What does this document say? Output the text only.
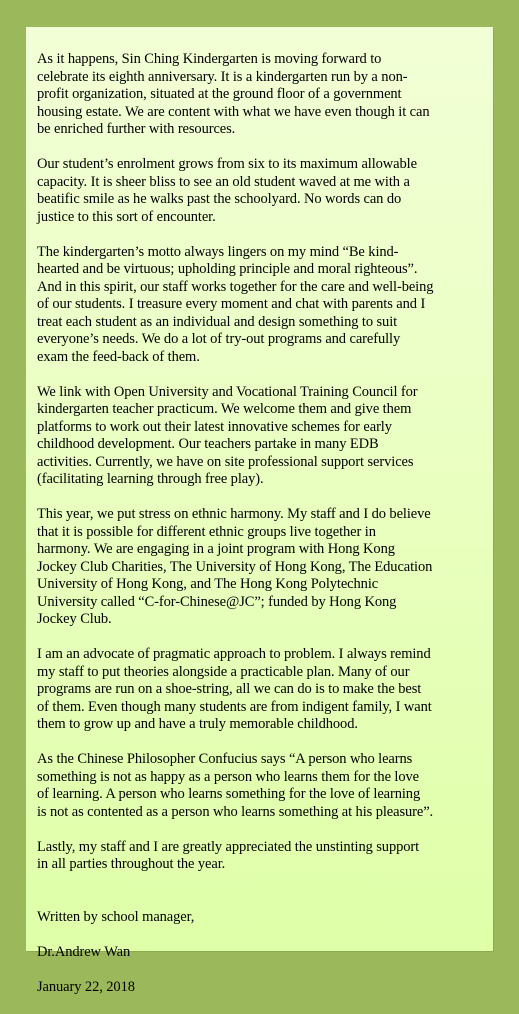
As it happens, Sin Ching Kindergarten is moving forward to
celebrate its eighth anniversary. It is a kindergarten run by a non-
profit organization, situated at the ground floor of a government
housing estate. We are content with what we have even though it can
be enriched further with resources.

Our student’s enrolment grows from six to its maximum allowable
capacity. It is sheer bliss to see an old student waved at me with a
beatific smile as he walks past the schoolyard. No words can do
justice to this sort of encounter.

The kindergarten’s motto always lingers on my mind “Be kind-
hearted and be virtuous; upholding principle and moral righteous”.
And in this spirit, our staff works together for the care and well-being
of our students. I treasure every moment and chat with parents and I
treat each student as an individual and design something to suit
everyone’s needs. We do a lot of try-out programs and carefully
exam the feed-back of them.

We link with Open University and Vocational Training Council for
kindergarten teacher practicum. We welcome them and give them
platforms to work out their latest innovative schemes for early
childhood development. Our teachers partake in many EDB
activities. Currently, we have on site professional support services
(facilitating learning through free play).

This year, we put stress on ethnic harmony. My staff and I do believe
that it is possible for different ethnic groups live together in
harmony. We are engaging in a joint program with Hong Kong
Jockey Club Charities, The University of Hong Kong, The Education
University of Hong Kong, and The Hong Kong Polytechnic
University called “C-for-Chinese@JC”; funded by Hong Kong
Jockey Club.

I am an advocate of pragmatic approach to problem. I always remind
my staff to put theories alongside a practicable plan. Many of our
programs are run on a shoe-string, all we can do is to make the best
of them. Even though many students are from indigent family, I want
them to grow up and have a truly memorable childhood.

As the Chinese Philosopher Confucius says “A person who learns
something is not as happy as a person who learns them for the love
of learning. A person who learns something for the love of learning
is not as contented as a person who learns something at his pleasure”.

Lastly, my staff and I are greatly appreciated the unstinting support
in all parties throughout the year.

Written by school manager,

Dr.Andrew Wan

January 22, 2018
